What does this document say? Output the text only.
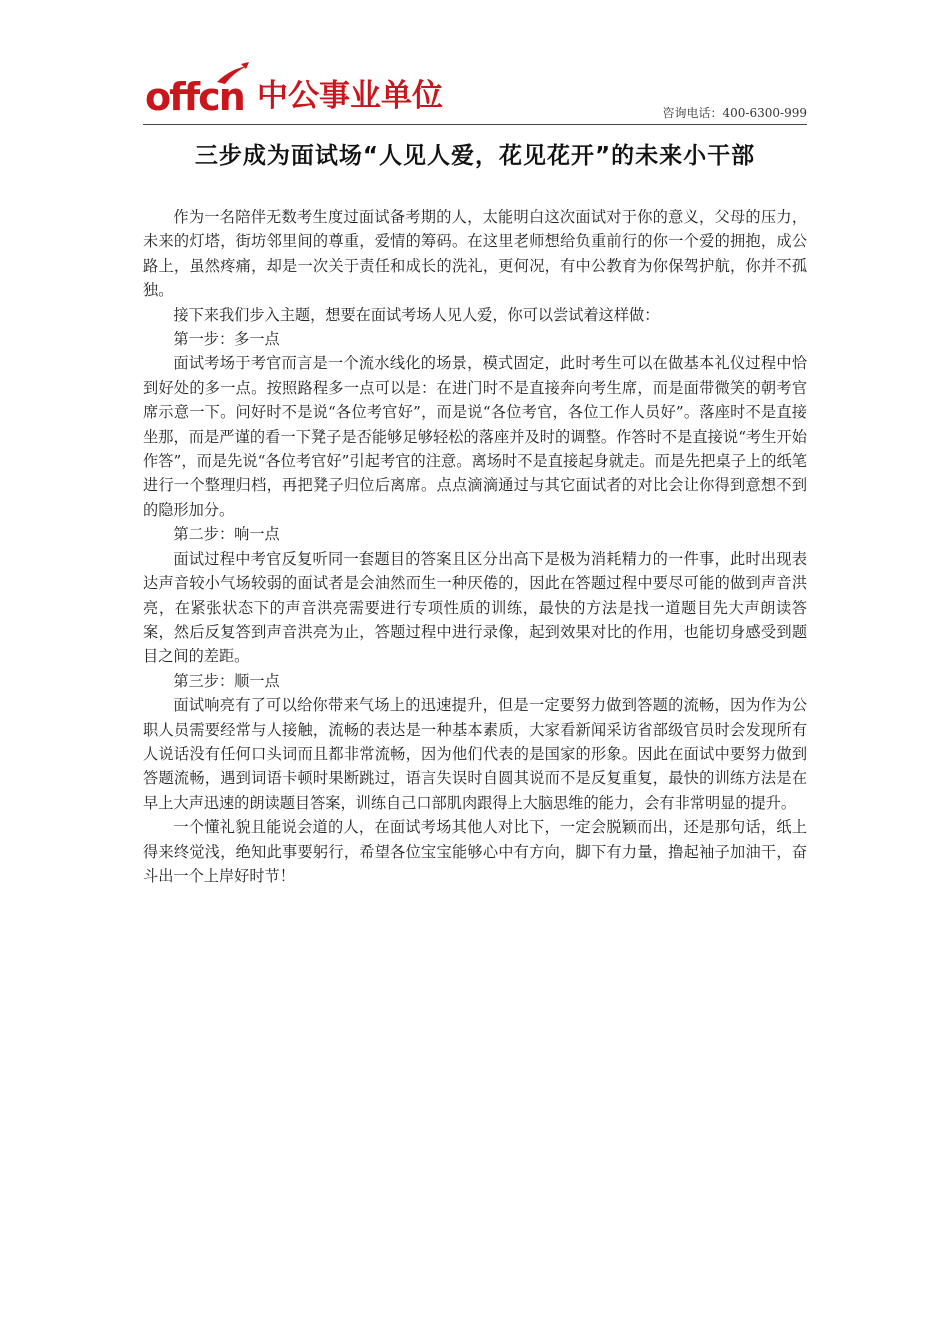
offcn 中公事业单位	咨询电话：400-6300-999
三步成为面试场“人见人爱，花见花开”的未来小干部

作为一名陪伴无数考生度过面试备考期的人，太能明白这次面试对于你的意义，父母的压力，未来的灯塔，街坊邻里间的尊重，爱情的筹码。在这里老师想给负重前行的你一个爱的拥抱，成公路上，虽然疼痛，却是一次关于责任和成长的洗礼，更何况，有中公教育为你保驾护航，你并不孤独。

接下来我们步入主题，想要在面试考场人见人爱，你可以尝试着这样做：

第一步：多一点

面试考场于考官而言是一个流水线化的场景，模式固定，此时考生可以在做基本礼仪过程中恰到好处的多一点。按照路程多一点可以是：在进门时不是直接奔向考生席，而是面带微笑的朝考官席示意一下。问好时不是说“各位考官好”，而是说“各位考官，各位工作人员好”。落座时不是直接坐那，而是严谨的看一下凳子是否能够足够轻松的落座并及时的调整。作答时不是直接说“考生开始作答”，而是先说“各位考官好”引起考官的注意。离场时不是直接起身就走。而是先把桌子上的纸笔进行一个整理归档，再把凳子归位后离席。点点滴滴通过与其它面试者的对比会让你得到意想不到的隐形加分。

第二步：响一点

面试过程中考官反复听同一套题目的答案且区分出高下是极为消耗精力的一件事，此时出现表达声音较小气场较弱的面试者是会油然而生一种厌倦的，因此在答题过程中要尽可能的做到声音洪亮，在紧张状态下的声音洪亮需要进行专项性质的训练，最快的方法是找一道题目先大声朗读答案，然后反复答到声音洪亮为止，答题过程中进行录像，起到效果对比的作用，也能切身感受到题目之间的差距。

第三步：顺一点

面试响亮有了可以给你带来气场上的迅速提升，但是一定要努力做到答题的流畅，因为作为公职人员需要经常与人接触，流畅的表达是一种基本素质，大家看新闻采访省部级官员时会发现所有人说话没有任何口头词而且都非常流畅，因为他们代表的是国家的形象。因此在面试中要努力做到答题流畅，遇到词语卡顿时果断跳过，语言失误时自圆其说而不是反复重复，最快的训练方法是在早上大声迅速的朗读题目答案，训练自己口部肌肉跟得上大脑思维的能力，会有非常明显的提升。

一个懂礼貌且能说会道的人，在面试考场其他人对比下，一定会脱颖而出，还是那句话，纸上得来终觉浅，绝知此事要躬行，希望各位宝宝能够心中有方向，脚下有力量，撸起袖子加油干，奋斗出一个上岸好时节！
